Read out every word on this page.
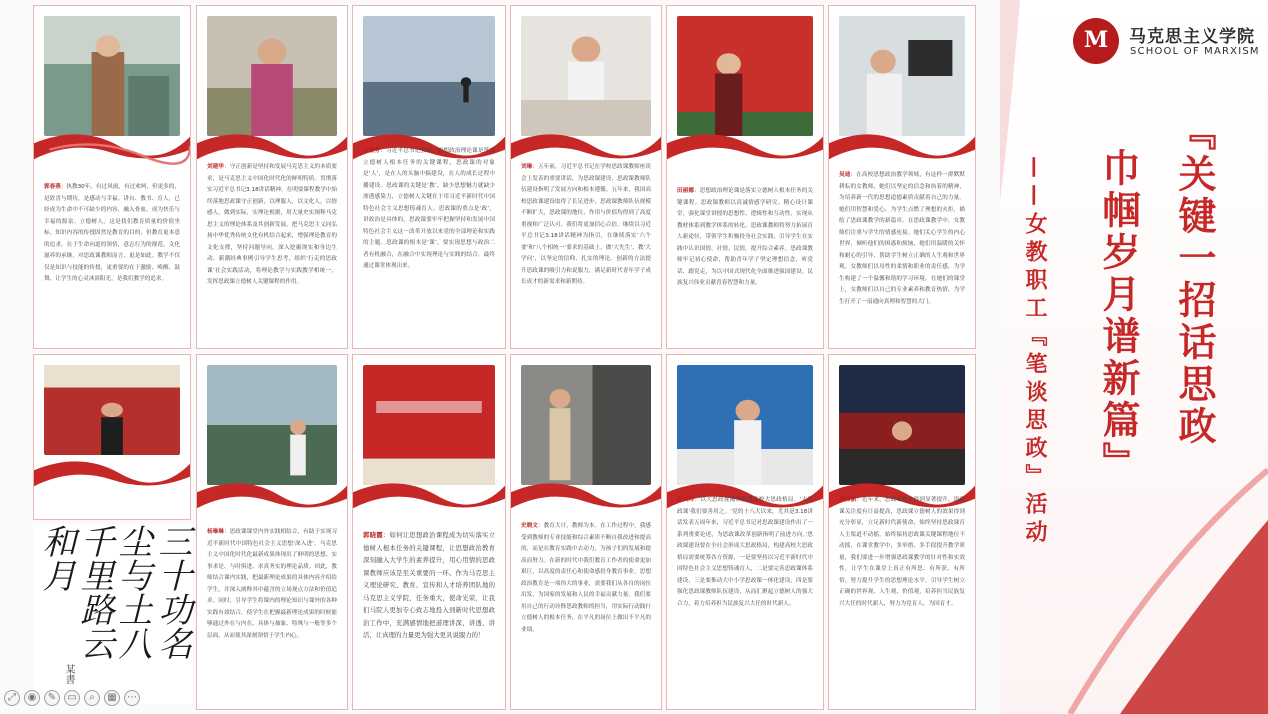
郭春燕：执教30年，有过风雨，有过欢呵，但更多的，是欣喜与期待，是感动与幸福。讲台、教书、育人，已经成为生命中不可缺少的内容，融入骨血，成为快乐与幸福的源泉。立德树人，这是我们教育质量的价值坐标。知识内容的传授固然是教育的目的，但教育更本意的追求，在于生命向道的领悟，意志行为的规范，文化滋养的承继，对思政课教师而言，更是如此。教学不仅仅是知识与技能的传授，更重要的在于激励、唤醒、鼓舞，让学生的心灵沐浴阳光，是我们教学的追求。

刘建华：守正创新是坚持和发展马克思主义的本质要求，是马克思主义中国化时代化的鲜明特质。贯彻落实习近平总书记3.18讲话精神，在明要课程教学中始终落地思政课守正创新，以理服人，以文化人，以情感人，做到实际，实理论根据，用大量史实阐释马克思主义的理论体系及其创新发展，把马克思主义同弘扬中华优秀传统文化有机结合起来，增强理论教育的文化支撑，坚持问题导向，深入挖掘现实和身边生动、新潮经典事例引导学生思考，组织‘行走的思政课’社会实践活动，将理论教学与实践教学相统一，发挥思政课立德树人关键课程的作用。

石桂芳：习近平总书记强调，思想政治理论课是落实立德树人根本任务的关键课程，思政课的对象是‘人’，是在人的头脑中搞建设，在人的成长过程中播建设。思政课的关键是‘教’，缺少思想魅力就缺少渗透感染力，立德树人关键在于用习近平新时代中国特色社会主义思想铸魂育人。思政课的重点是‘政’，讲政治是具体的，思政课要牢牢把握坚持和发展中国特色社会主义这一改革开放以来党的全部理论和实践的主题。思政课的根本是‘课’，要实现思想与政治二者有机融合，在融合中实现理论与实践的结合，最终通过课堂体现出来。

刘琳：五年前，习近平总书记在学校思政课教师座谈会上发表的重要讲话，为思政课建设、思政课教师队伍建设指明了发展方向和根本遵循。五年来，我国高校思政课建设取得了长足进步，思政课教师队伍规模不断扩大，思政课的地位、作用与价值均得到了高度重视和广泛认可。我们将更加信心百倍，继续以习近平总书记3.18讲话精神为指引，在继续落实‘六个要’和‘八个相统一’要求的基础上，做‘大先生’、教‘大学问’，以坚定的信仰、扎实的理论、创新的方法提升思政课的吸引力和说服力，满足新时代青年学子成长成才的新需求和新期待。

田丽娜：思想政治理论课是落实立德树人根本任务的关键课程。思政课教师以真诚情感学研究、精心设计课堂、强化课堂讲授的思想性、逻辑性和互动性，实现从教材体系到教学体系的转化。思政课教师将努力拓展育人新途径，带领学生积极投身社会实践，引导学生在实践中认识国情、社情、民情，提升综合素养。思政课教师牢记初心使命，帮助青年学子坚定理想信念，听党话、跟党走，为以中国式现代化全面推进强国建设、民族复兴伟业贡献青春智慧和力量。

吴迪：在高校思想政治教学领域，有这样一群默默耕耘的女教师，她们以坚定的信念和执着的精神，为培养新一代的思想道德素质贡献着自己的力量。她们用智慧和爱心，为学生点燃了理想的火炬，描绘了思政课教学的新篇章。在思政课教学中，女教师们注重与学生的情感连接。她们关心学生的内心世界，倾听他们的困惑和烦恼，她们用温暖的关怀和耐心的引导，帮助学生树立正确的人生观和世界观。女教师们以母性的柔情和职业的责任感，为学生构建了一个温馨和谐的学习环境。在她们的课堂上，女教师们以自己的专业素养和教育热情，为学生打开了一扇通向真理和智慧的大门。

杨琳琳：思政课课堂内外实践相结合，有助于实现习近平新时代中国特色社会主义思想‘深入进’。马克思主义中国化时代化最新成果体现出了鲜明的思想、实事求是、与时俱进、求真务实的理论品质。因此，教师结合课内实践，把最新理论成果的具体内容介绍给学生，并深入阐释其中蕴含的立场观点方法和价值追求。同时，引导学生将课内的理论知识与课外的各种实践有效结合，使学生在把握最新理论成果的时候能够通过外在与内在、具体与抽象、特殊与一般等多个层面，从而使其深刻领悟于学生内心。

郭晓霞：如何让思想政治课程成为切实落实立德树人根本任务的关键课程，让思想政治教育深刻融入大学生的素养提升，用心用情的思政课教师应该是至关重要的一环。作为马克思主义理论研究、教育、宣传和人才培养团队地的马克思主义学院，任务重大，使命光荣，让我们马院人更加专心致志地投入到新时代思想政治工作中，充满感情地把道理讲深、讲透、讲活，让真理的力量更为强大更具说服力的！

史晓文：教育大计，教师为本。在工作过程中，我感受到教师的专业技能和综合素质不断自我改进和提高的，而是在教育实践中去动力，为孩子们的发展和提高而努力。在新的时代中我们教育工作者的使命更加艰巨，以高度的责任心和使命感投身教育事业。思想政治教育是一项伟大的事业，需要我们从各自的岗位出发，为国家的发展和人民的幸福贡献力量。我们要用自己的行动诠释思政教师的担当，用实际行动践行立德树人的根本任务，在平凡的岗位上做出不平凡的业绩。

赵英玲：以大思政视阈领航建高校大思政格局。‘大思政课’我们要善用之。‘党的十八大以来，尤其是3.18讲话发表五周年来，习近平总书记对思政课建设作出了一系列重要论述，为思政课改革创新指明了前进方向。’思政课建设要在全社会形成大思政格局，构建高校大思政格局需要统筹各方资源，一是要坚持以习近平新时代中国特色社会主义思想铸魂育人，二是要完善思政课体系建设，三是要推动大中小学思政课一体化建设，四是要强化思政课教师队伍建设，从而汇聚起立德树人的强大合力，着力培养担当民族复兴大任的时代新人。

李伟丽：近年来，思政课地位得到显著提升，思政课关注度有日益提高，思政课立德树人的效果得到充分彰显，立足新时代新使命，始终坚持思政课育人主渠道不动摇，始终保持思政课关键课程地位不动摇，在课堂教学中，多举措、多手段提升教学质量，我们要进一步增强思政课教学的针对性和实效性，让学生在课堂上真正有所思、有所获、有所悟。努力提升学生的思想理论水平，引导学生树立正确的世界观、人生观、价值观，培养担当民族复兴大任的时代新人，努力为党育人、为国育才。

三十功名
尘与土八
千里路云
和月
某書
⤢	◉	✎	▭	⌕	▦	⋯
M	马克思主义学院
SCHOOL OF MARXISM
『关键一招话思政
巾帼岁月谱新篇』
——女教职工『笔谈思政』活动
